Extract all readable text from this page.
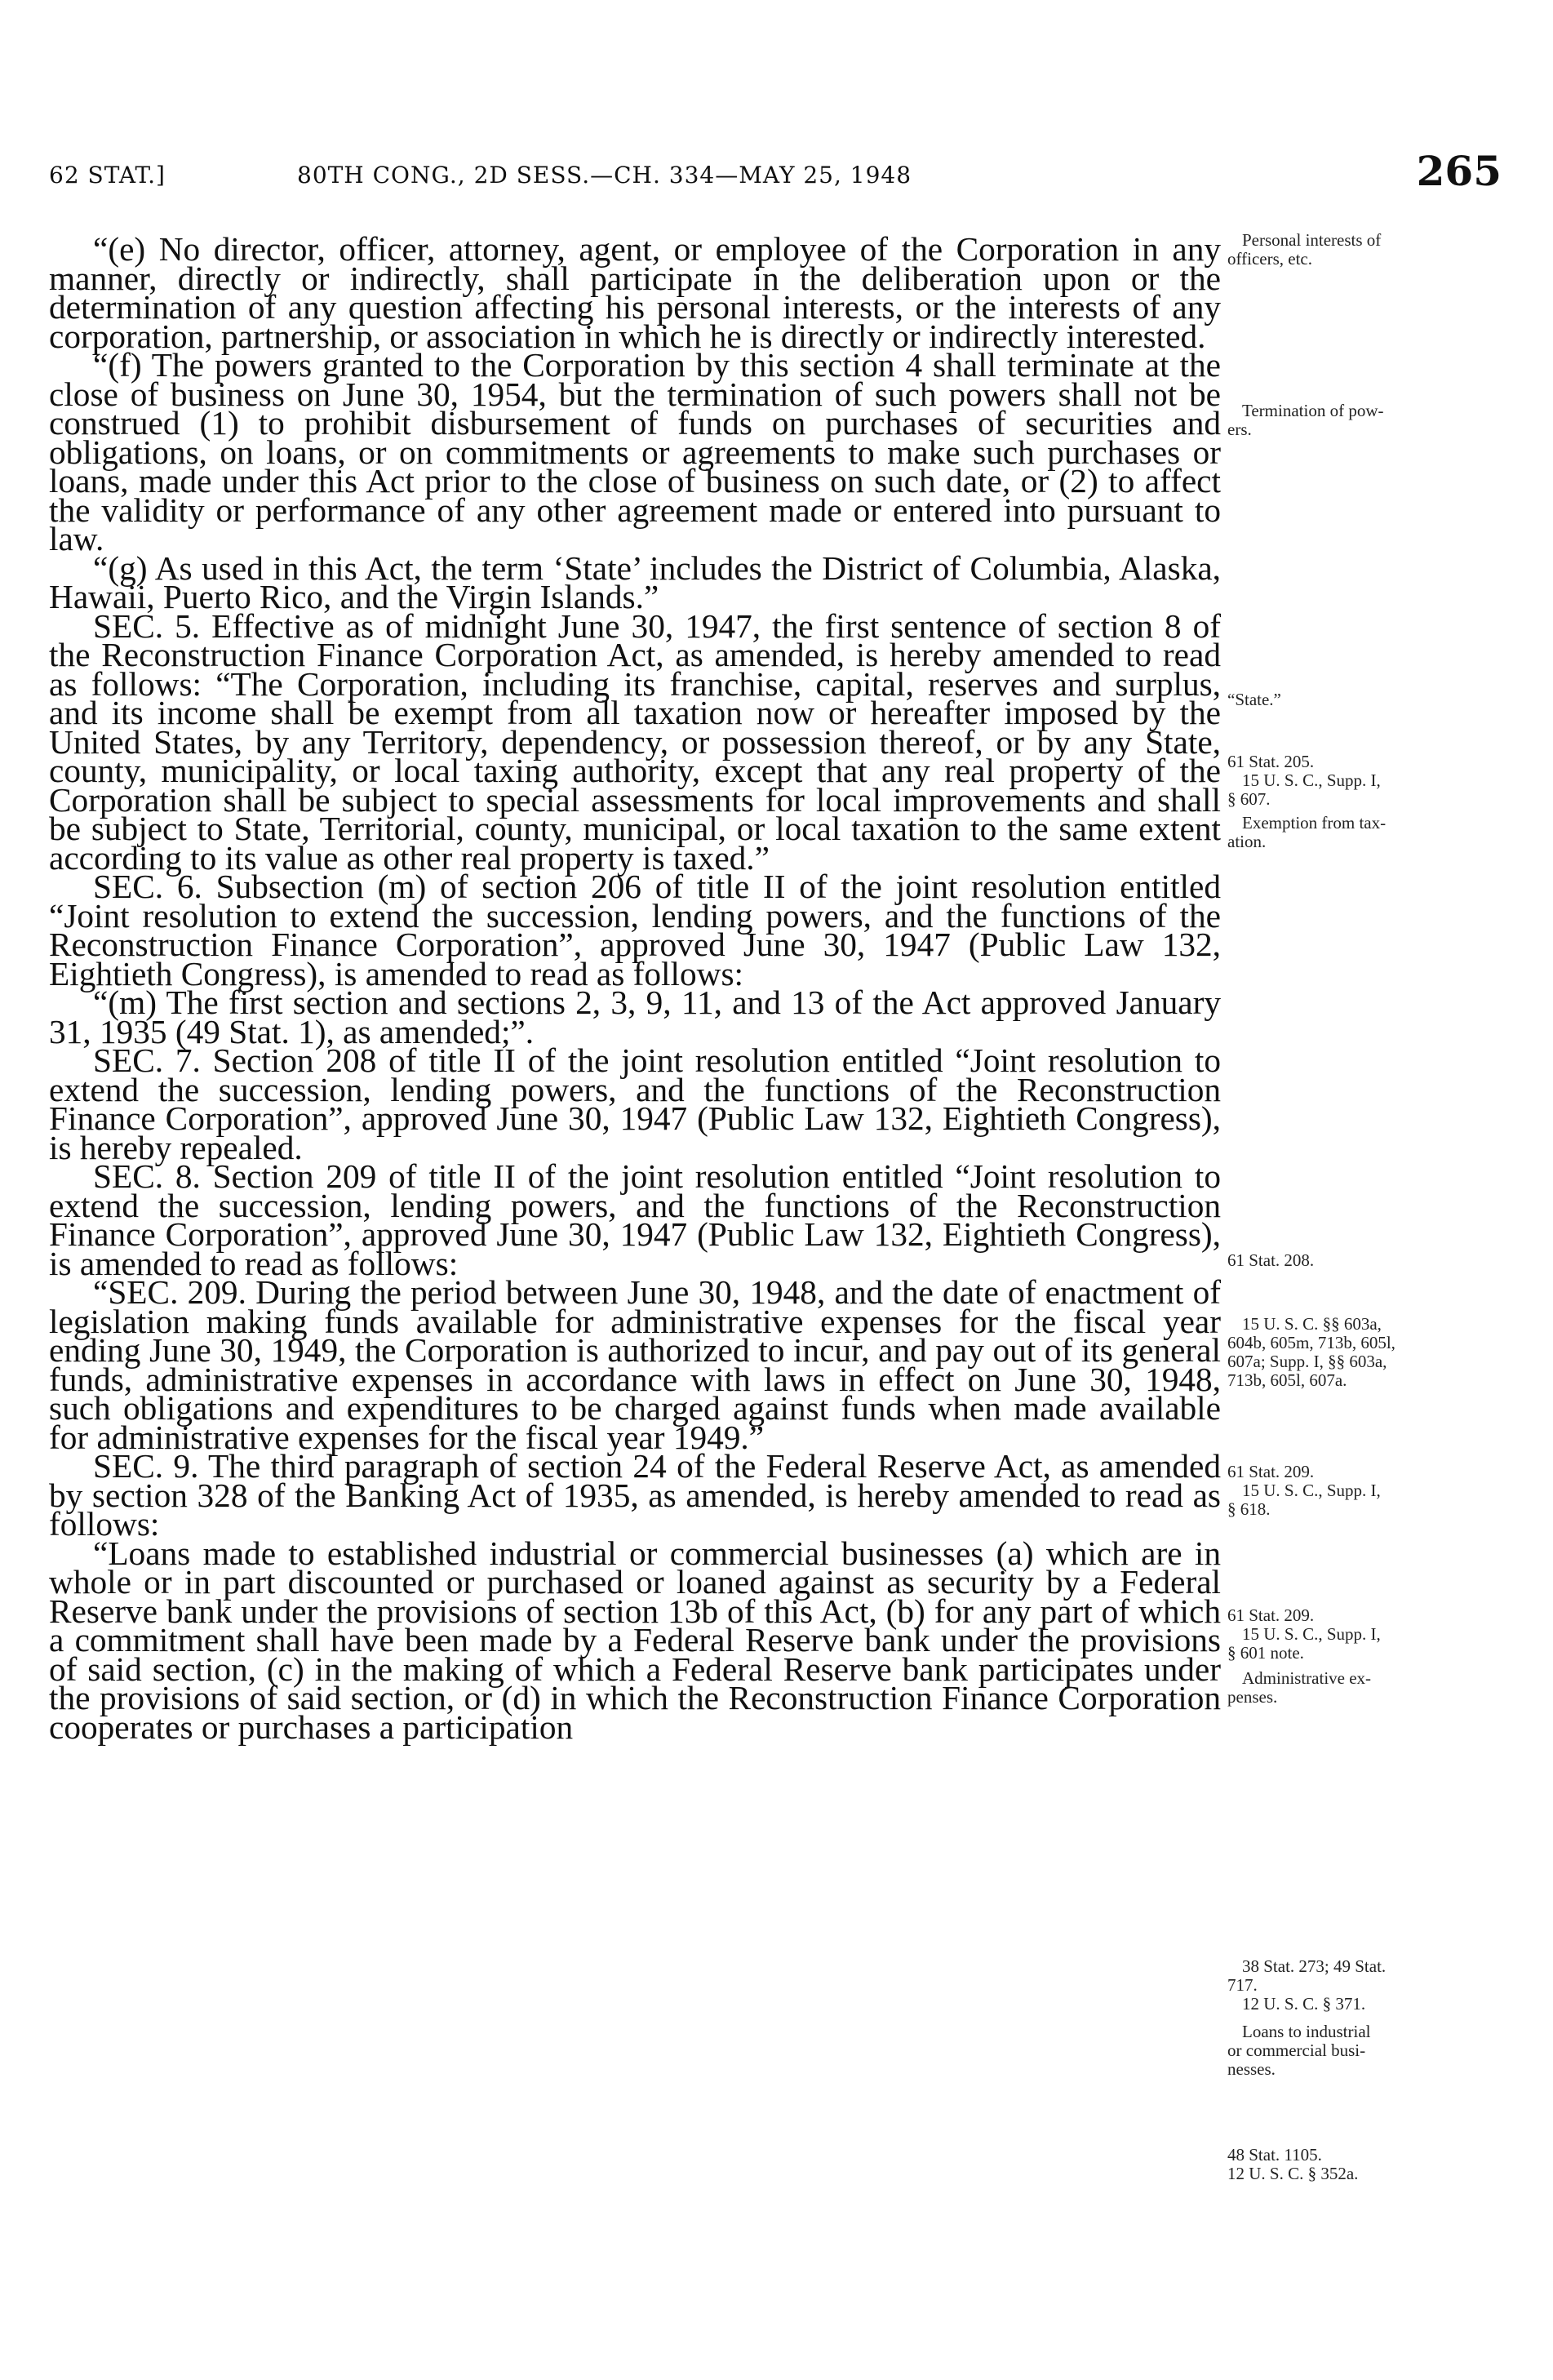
62 STAT.]	80TH CONG., 2D SESS.—CH. 334—MAY 25, 1948	265

“(e) No director, officer, attorney, agent, or employee of the Corporation in any manner, directly or indirectly, shall participate in the deliberation upon or the determination of any question affecting his personal interests, or the interests of any corporation, partnership, or association in which he is directly or indirectly interested.

“(f) The powers granted to the Corporation by this section 4 shall terminate at the close of business on June 30, 1954, but the termination of such powers shall not be construed (1) to prohibit disbursement of funds on purchases of securities and obligations, on loans, or on commitments or agreements to make such purchases or loans, made under this Act prior to the close of business on such date, or (2) to affect the validity or performance of any other agreement made or entered into pursuant to law.

“(g) As used in this Act, the term ‘State’ includes the District of Columbia, Alaska, Hawaii, Puerto Rico, and the Virgin Islands.”

SEC. 5. Effective as of midnight June 30, 1947, the first sentence of section 8 of the Reconstruction Finance Corporation Act, as amended, is hereby amended to read as follows: “The Corporation, including its franchise, capital, reserves and surplus, and its income shall be exempt from all taxation now or hereafter imposed by the United States, by any Territory, dependency, or possession thereof, or by any State, county, municipality, or local taxing authority, except that any real property of the Corporation shall be subject to special assessments for local improvements and shall be subject to State, Territorial, county, municipal, or local taxation to the same extent according to its value as other real property is taxed.”

SEC. 6. Subsection (m) of section 206 of title II of the joint resolution entitled “Joint resolution to extend the succession, lending powers, and the functions of the Reconstruction Finance Corporation”, approved June 30, 1947 (Public Law 132, Eightieth Congress), is amended to read as follows:

“(m) The first section and sections 2, 3, 9, 11, and 13 of the Act approved January 31, 1935 (49 Stat. 1), as amended;”.

SEC. 7. Section 208 of title II of the joint resolution entitled “Joint resolution to extend the succession, lending powers, and the functions of the Reconstruction Finance Corporation”, approved June 30, 1947 (Public Law 132, Eightieth Congress), is hereby repealed.

SEC. 8. Section 209 of title II of the joint resolution entitled “Joint resolution to extend the succession, lending powers, and the functions of the Reconstruction Finance Corporation”, approved June 30, 1947 (Public Law 132, Eightieth Congress), is amended to read as follows:

“SEC. 209. During the period between June 30, 1948, and the date of enactment of legislation making funds available for administrative expenses for the fiscal year ending June 30, 1949, the Corporation is authorized to incur, and pay out of its general funds, administrative expenses in accordance with laws in effect on June 30, 1948, such obligations and expenditures to be charged against funds when made available for administrative expenses for the fiscal year 1949.”

SEC. 9. The third paragraph of section 24 of the Federal Reserve Act, as amended by section 328 of the Banking Act of 1935, as amended, is hereby amended to read as follows:

“Loans made to established industrial or commercial businesses (a) which are in whole or in part discounted or purchased or loaned against as security by a Federal Reserve bank under the provisions of section 13b of this Act, (b) for any part of which a commitment shall have been made by a Federal Reserve bank under the provisions of said section, (c) in the making of which a Federal Reserve bank participates under the provisions of said section, or (d) in which the Reconstruction Finance Corporation cooperates or purchases a participation

Personal interests of
officers, etc.
Termination of pow-
ers.
“State.”
61 Stat. 205.
15 U. S. C., Supp. I,
§ 607.
Exemption from tax-
ation.
61 Stat. 208.
15 U. S. C. §§ 603a,
604b, 605m, 713b, 605l,
607a; Supp. I, §§ 603a,
713b, 605l, 607a.
61 Stat. 209.
15 U. S. C., Supp. I,
§ 618.
61 Stat. 209.
15 U. S. C., Supp. I,
§ 601 note.
Administrative ex-
penses.
38 Stat. 273; 49 Stat.
717.
12 U. S. C. § 371.
Loans to industrial
or commercial busi-
nesses.
48 Stat. 1105.
12 U. S. C. § 352a.
